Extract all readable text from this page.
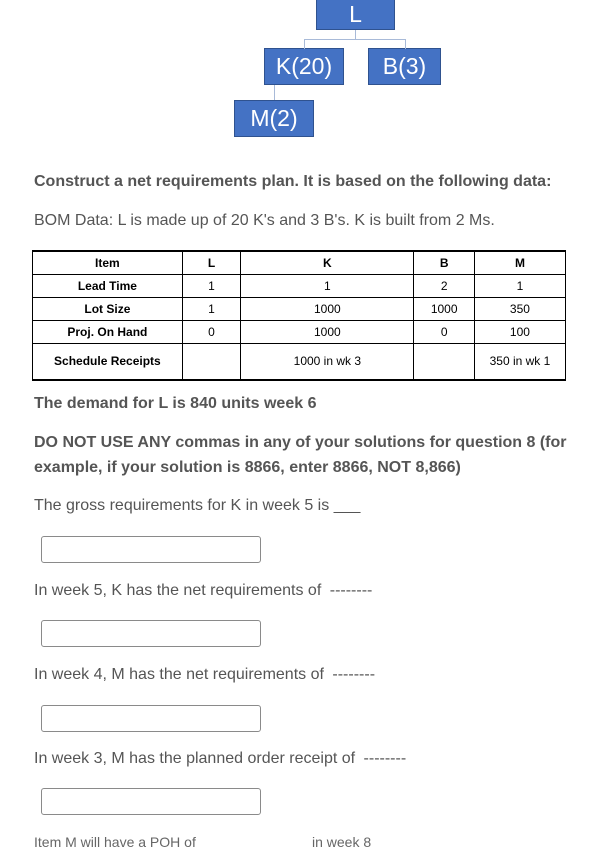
L
K(20) B(3)
M(2)
Construct a net requirements plan. It is based on the following data:
BOM Data: L is made up of 20 K's and 3 B's. K is built from 2 Ms.
Item	L	K	B	M
Lead Time	1	1	2	1
Lot Size	1	1000	1000	350
Proj. On Hand	0	1000	0	100
Schedule Receipts		1000 in wk 3		350 in wk 1
The demand for L is 840 units week 6
DO NOT USE ANY commas in any of your solutions for question 8 (for
example, if your solution is 8866, enter 8866, NOT 8,866)
The gross requirements for K in week 5 is ___
In week 5, K has the net requirements of --------
In week 4, M has the net requirements of --------
In week 3, M has the planned order receipt of --------
Item M will have a POH of	in week 8
